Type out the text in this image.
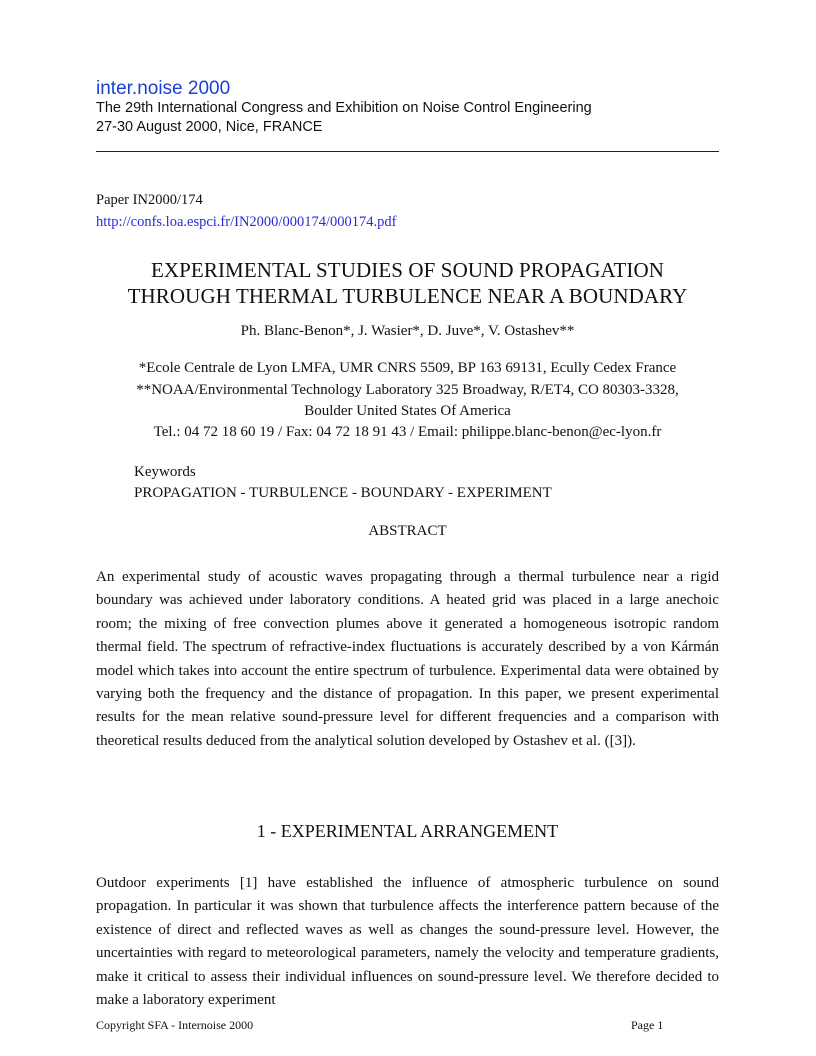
inter.noise 2000
The 29th International Congress and Exhibition on Noise Control Engineering
27-30 August 2000, Nice, FRANCE
Paper IN2000/174
http://confs.loa.espci.fr/IN2000/000174/000174.pdf
EXPERIMENTAL STUDIES OF SOUND PROPAGATION
THROUGH THERMAL TURBULENCE NEAR A BOUNDARY
Ph. Blanc-Benon*, J. Wasier*, D. Juve*, V. Ostashev**
*Ecole Centrale de Lyon LMFA, UMR CNRS 5509, BP 163 69131, Ecully Cedex France
**NOAA/Environmental Technology Laboratory 325 Broadway, R/ET4, CO 80303-3328,
Boulder United States Of America
Tel.: 04 72 18 60 19 / Fax: 04 72 18 91 43 / Email: philippe.blanc-benon@ec-lyon.fr
Keywords
PROPAGATION - TURBULENCE - BOUNDARY - EXPERIMENT
ABSTRACT

An experimental study of acoustic waves propagating through a thermal turbulence near a rigid boundary was achieved under laboratory conditions. A heated grid was placed in a large anechoic room; the mixing of free convection plumes above it generated a homogeneous isotropic random thermal field. The spectrum of refractive-index fluctuations is accurately described by a von Kármán model which takes into account the entire spectrum of turbulence. Experimental data were obtained by varying both the frequency and the distance of propagation. In this paper, we present experimental results for the mean relative sound-pressure level for different frequencies and a comparison with theoretical results deduced from the analytical solution developed by Ostashev et al. ([3]).

1 - EXPERIMENTAL ARRANGEMENT

Outdoor experiments [1] have established the influence of atmospheric turbulence on sound propagation. In particular it was shown that turbulence affects the interference pattern because of the existence of direct and reflected waves as well as changes the sound-pressure level. However, the uncertainties with regard to meteorological parameters, namely the velocity and temperature gradients, make it critical to assess their individual influences on sound-pressure level. We therefore decided to make a laboratory experiment

Copyright SFA - Internoise 2000	Page 1
